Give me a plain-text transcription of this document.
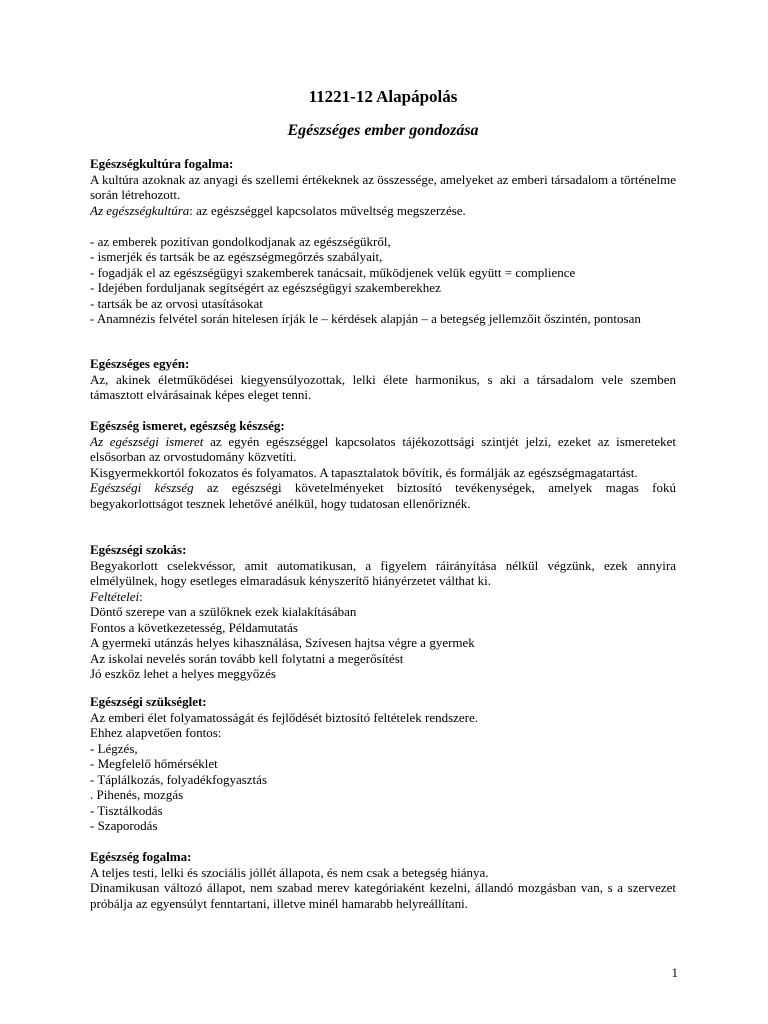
11221-12 Alapápolás
Egészséges ember gondozása

Egészségkultúra fogalma:

A kultúra azoknak az anyagi és szellemi értékeknek az összessége, amelyeket az emberi társadalom a történelme során létrehozott.

Az egészségkultúra: az egészséggel kapcsolatos műveltség megszerzése.

- az emberek pozitívan gondolkodjanak az egészségükről,

- ismerjék és tartsák be az egészségmegőrzés szabályait,

- fogadják el az egészségügyi szakemberek tanácsait, működjenek velük együtt = complience

- Idejében forduljanak segítségért az egészségügyi szakemberekhez

- tartsák be az orvosi utasításokat

- Anamnézis felvétel során hitelesen írják le – kérdések alapján – a betegség jellemzőit őszintén, pontosan

Egészséges egyén:

Az, akinek életműködései kiegyensúlyozottak, lelki élete harmonikus, s aki a társadalom vele szemben támasztott elvárásainak képes eleget tenni.

Egészség ismeret, egészség készség:

Az egészségi ismeret az egyén egészséggel kapcsolatos tájékozottsági szintjét jelzi, ezeket az ismereteket elsősorban az orvostudomány közvetíti.

Kisgyermekkortól fokozatos és folyamatos. A tapasztalatok bővítik, és formálják az egészségmagatartást.

Egészségi készség az egészségi követelményeket biztosító tevékenységek, amelyek magas fokú begyakorlottságot tesznek lehetővé anélkül, hogy tudatosan ellenőriznék.

Egészségi szokás:

Begyakorlott cselekvéssor, amit automatikusan, a figyelem ráirányítása nélkül végzünk, ezek annyira elmélyülnek, hogy esetleges elmaradásuk kényszerítő hiányérzetet válthat ki.

Feltételei:

Döntő szerepe van a szülőknek ezek kialakításában

Fontos a következetesség, Példamutatás

A gyermeki utánzás helyes kihasználása, Szívesen hajtsa végre a gyermek

Az iskolai nevelés során tovább kell folytatni a megerősítést

Jó eszköz lehet a helyes meggyőzés

Egészségi szükséglet:

Az emberi élet folyamatosságát és fejlődését biztosító feltételek rendszere.

Ehhez alapvetően fontos:

- Légzés,

- Megfelelő hőmérséklet

- Táplálkozás, folyadékfogyasztás

. Pihenés, mozgás

- Tisztálkodás

- Szaporodás

Egészség fogalma:

A teljes testi, lelki és szociális jóllét állapota, és nem csak a betegség hiánya.

Dinamikusan változó állapot, nem szabad merev kategóriaként kezelni, állandó mozgásban van, s a szervezet próbálja az egyensúlyt fenntartani, illetve minél hamarabb helyreállítani.

1
